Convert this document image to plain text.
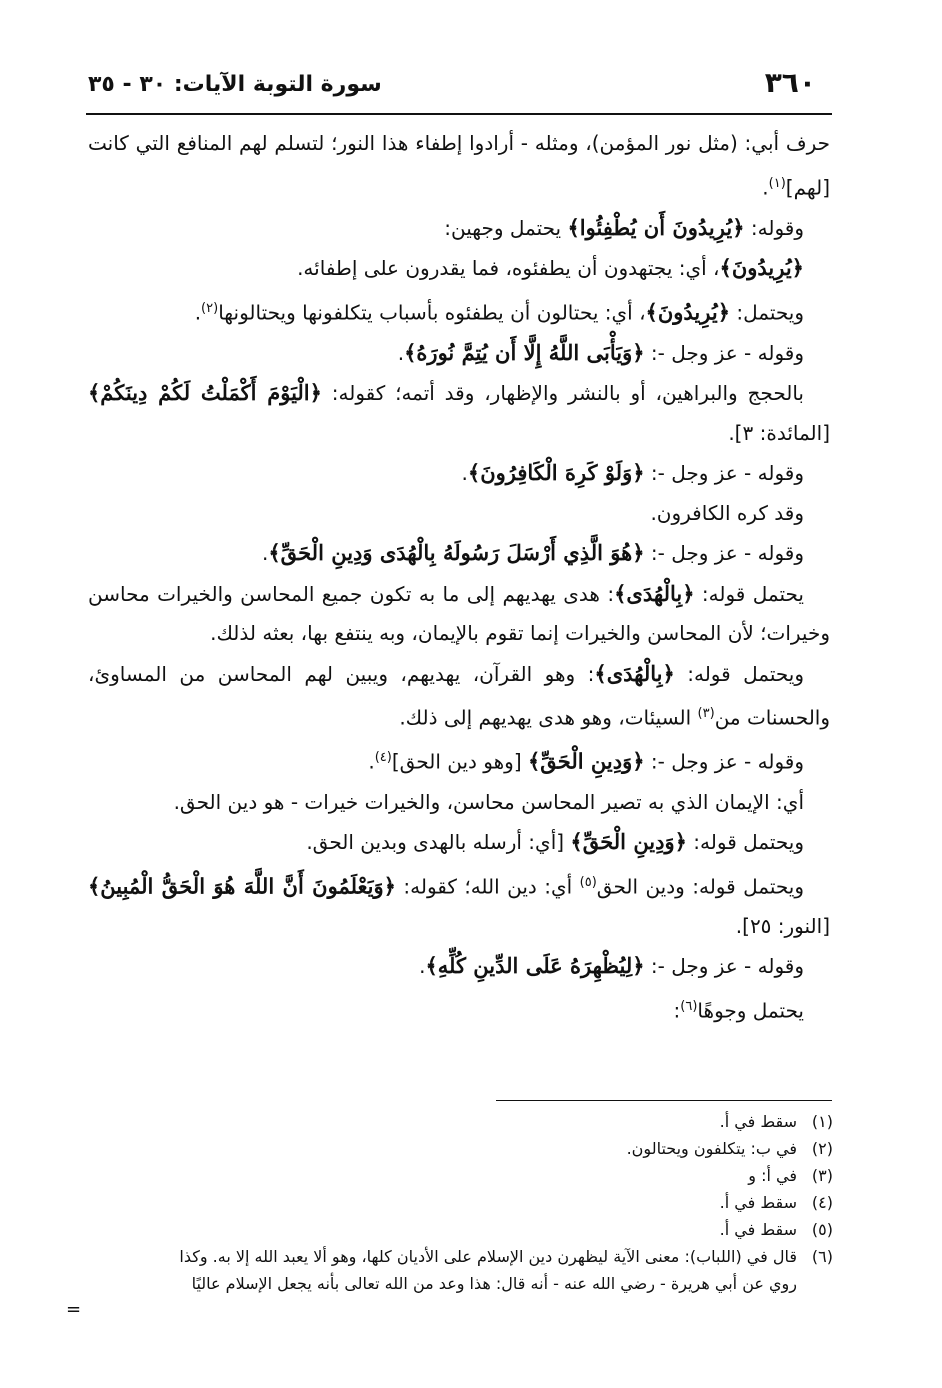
٣٦٠
سورة التوبة الآيات: ٣٠ - ٣٥

حرف أبي: (مثل نور المؤمن)، ومثله - أرادوا إطفاء هذا النور؛ لتسلم لهم المنافع التي كانت [لهم]$^{(١)}$.

وقوله: ﴿يُرِيدُونَ أَن يُطْفِئُوا﴾ يحتمل وجهين:

﴿يُرِيدُونَ﴾، أي: يجتهدون أن يطفئوه، فما يقدرون على إطفائه.

ويحتمل: ﴿يُرِيدُونَ﴾، أي: يحتالون أن يطفئوه بأسباب يتكلفونها ويحتالونها$^{(٢)}$.

وقوله - عز وجل -: ﴿وَيَأْبَى اللَّهُ إِلَّا أَن يُتِمَّ نُورَهُ﴾.

بالحجج والبراهين، أو بالنشر والإظهار، وقد أتمه؛ كقوله: ﴿الْيَوْمَ أَكْمَلْتُ لَكُمْ دِينَكُمْ﴾ [المائدة: ٣].

وقوله - عز وجل -: ﴿وَلَوْ كَرِهَ الْكَافِرُونَ﴾.

وقد كره الكافرون.

وقوله - عز وجل -: ﴿هُوَ الَّذِي أَرْسَلَ رَسُولَهُ بِالْهُدَى وَدِينِ الْحَقِّ﴾.

يحتمل قوله: ﴿بِالْهُدَى﴾: هدى يهديهم إلى ما به تكون جميع المحاسن والخيرات محاسن وخيرات؛ لأن المحاسن والخيرات إنما تقوم بالإيمان، وبه ينتفع بها، بعثه لذلك.

ويحتمل قوله: ﴿بِالْهُدَى﴾: وهو القرآن، يهديهم، ويبين لهم المحاسن من المساوئ، والحسنات من$^{(٣)}$ السيئات، وهو هدى يهديهم إلى ذلك.

وقوله - عز وجل -: ﴿وَدِينِ الْحَقِّ﴾ [وهو دين الحق]$^{(٤)}$.

أي: الإيمان الذي به تصير المحاسن محاسن، والخيرات خيرات - هو دين الحق.

ويحتمل قوله: ﴿وَدِينِ الْحَقِّ﴾ [أي: أرسله بالهدى وبدين الحق.

ويحتمل قوله: ودين الحق$^{(٥)}$ أي: دين الله؛ كقوله: ﴿وَيَعْلَمُونَ أَنَّ اللَّهَ هُوَ الْحَقُّ الْمُبِينُ﴾ [النور: ٢٥].

وقوله - عز وجل -: ﴿لِيُظْهِرَهُ عَلَى الدِّينِ كُلِّهِ﴾.

يحتمل وجوهًا$^{(٦)}$:

(١)
سقط في أ.
(٢)
في ب: يتكلفون ويحتالون.
(٣)
في أ: و
(٤)
سقط في أ.
(٥)
سقط في أ.
(٦)
قال في (اللباب): معنى الآية ليظهرن دين الإسلام على الأديان كلها، وهو ألا يعبد الله إلا به. وكذا
روي عن أبي هريرة - رضي الله عنه - أنه قال: هذا وعد من الله تعالى بأنه يجعل الإسلام عاليًا
=
